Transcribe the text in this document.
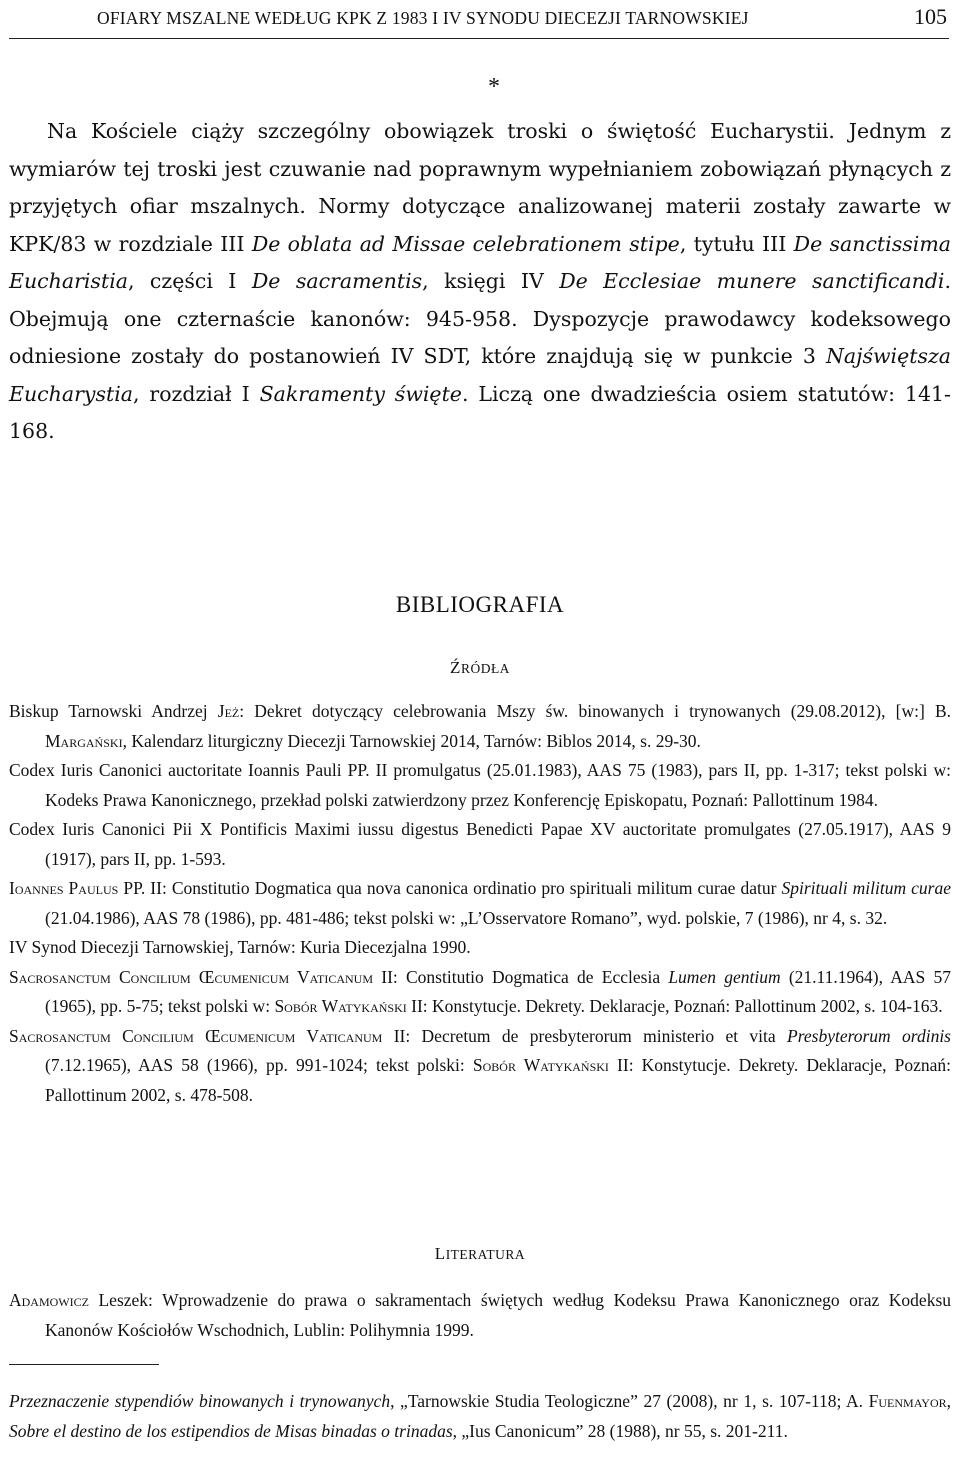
OFIARY MSZALNE WEDŁUG KPK Z 1983 I IV SYNODU DIECEZJI TARNOWSKIEJ	105
*

Na Kościele ciąży szczególny obowiązek troski o świętość Eucharystii. Jednym z wymiarów tej troski jest czuwanie nad poprawnym wypełnianiem zobowiązań płynących z przyjętych ofiar mszalnych. Normy dotyczące analizowanej materii zostały zawarte w KPK/83 w rozdziale III De oblata ad Missae celebrationem stipe, tytułu III De sanctissima Eucharistia, części I De sacramentis, księgi IV De Ecclesiae munere sanctificandi. Obejmują one czternaście kanonów: 945-958. Dyspozycje prawodawcy kodeksowego odniesione zostały do postanowień IV SDT, które znajdują się w punkcie 3 Najświętsza Eucharystia, rozdział I Sakramenty święte. Liczą one dwadzieścia osiem statutów: 141-168.

BIBLIOGRAFIA
ŹRÓDŁA
Biskup Tarnowski Andrzej Jeż: Dekret dotyczący celebrowania Mszy św. binowanych i trynowanych (29.08.2012), [w:] B. Margański, Kalendarz liturgiczny Diecezji Tarnowskiej 2014, Tarnów: Biblos 2014, s. 29-30.
Codex Iuris Canonici auctoritate Ioannis Pauli PP. II promulgatus (25.01.1983), AAS 75 (1983), pars II, pp. 1-317; tekst polski w: Kodeks Prawa Kanonicznego, przekład polski zatwierdzony przez Konferencję Episkopatu, Poznań: Pallottinum 1984.
Codex Iuris Canonici Pii X Pontificis Maximi iussu digestus Benedicti Papae XV auctoritate promulgates (27.05.1917), AAS 9 (1917), pars II, pp. 1-593.
Ioannes Paulus PP. II: Constitutio Dogmatica qua nova canonica ordinatio pro spirituali militum curae datur Spirituali militum curae (21.04.1986), AAS 78 (1986), pp. 481-486; tekst polski w: „L’Osservatore Romano”, wyd. polskie, 7 (1986), nr 4, s. 32.
IV Synod Diecezji Tarnowskiej, Tarnów: Kuria Diecezjalna 1990.
Sacrosanctum Concilium Œcumenicum Vaticanum II: Constitutio Dogmatica de Ecclesia Lumen gentium (21.11.1964), AAS 57 (1965), pp. 5-75; tekst polski w: Sobór Watykański II: Konstytucje. Dekrety. Deklaracje, Poznań: Pallottinum 2002, s. 104-163.
Sacrosanctum Concilium Œcumenicum Vaticanum II: Decretum de presbyterorum ministerio et vita Presbyterorum ordinis (7.12.1965), AAS 58 (1966), pp. 991-1024; tekst polski: Sobór Watykański II: Konstytucje. Dekrety. Deklaracje, Poznań: Pallottinum 2002, s. 478-508.
LITERATURA
Adamowicz Leszek: Wprowadzenie do prawa o sakramentach świętych według Kodeksu Prawa Kanonicznego oraz Kodeksu Kanonów Kościołów Wschodnich, Lublin: Polihymnia 1999.

Przeznaczenie stypendiów binowanych i trynowanych, „Tarnowskie Studia Teologiczne” 27 (2008), nr 1, s. 107-118; A. Fuenmayor, Sobre el destino de los estipendios de Misas binadas o trinadas, „Ius Canonicum” 28 (1988), nr 55, s. 201-211.
